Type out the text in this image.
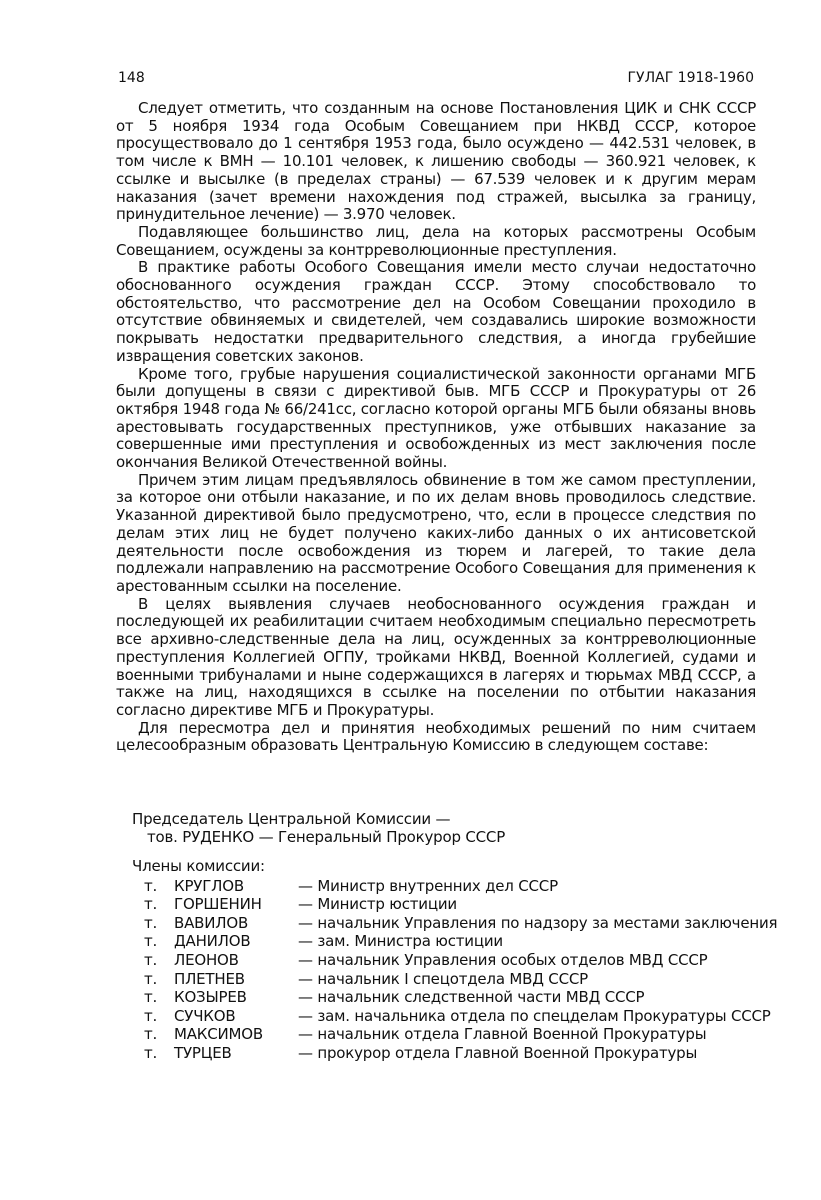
148	ГУЛАГ 1918-1960

Следует отметить, что созданным на основе Постановления ЦИК и СНК СССР от 5 ноября 1934 года Особым Совещанием при НКВД СССР, которое просуществовало до 1 сентября 1953 года, было осуждено — 442.531 человек, в том числе к ВМН — 10.101 человек, к лишению свободы — 360.921 человек, к ссылке и высылке (в пределах страны) — 67.539 человек и к другим мерам наказания (зачет времени нахождения под стражей, высылка за границу, принудительное лечение) — 3.970 человек.

Подавляющее большинство лиц, дела на которых рассмотрены Особым Совещанием, осуждены за контрреволюционные преступления.

В практике работы Особого Совещания имели место случаи недостаточно обоснованного осуждения граждан СССР. Этому способствовало то обстоятельство, что рассмотрение дел на Особом Совещании проходило в отсутствие обвиняемых и свидетелей, чем создавались широкие возможности покрывать недостатки предварительного следствия, а иногда грубейшие извращения советских законов.

Кроме того, грубые нарушения социалистической законности органами МГБ были допущены в связи с директивой быв. МГБ СССР и Прокуратуры от 26 октября 1948 года № 66/241сс, согласно которой органы МГБ были обязаны вновь арестовывать государственных преступников, уже отбывших наказание за совершенные ими преступления и освобожденных из мест заключения после окончания Великой Отечественной войны.

Причем этим лицам предъявлялось обвинение в том же самом преступлении, за которое они отбыли наказание, и по их делам вновь проводилось следствие. Указанной директивой было предусмотрено, что, если в процессе следствия по делам этих лиц не будет получено каких-либо данных о их антисоветской деятельности после освобождения из тюрем и лагерей, то такие дела подлежали направлению на рассмотрение Особого Совещания для применения к арестованным ссылки на поселение.

В целях выявления случаев необоснованного осуждения граждан и последующей их реабилитации считаем необходимым специально пересмотреть все архивно-следственные дела на лиц, осужденных за контрреволюционные преступления Коллегией ОГПУ, тройками НКВД, Военной Коллегией, судами и военными трибуналами и ныне содержащихся в лагерях и тюрьмах МВД СССР, а также на лиц, находящихся в ссылке на поселении по отбытии наказания согласно директиве МГБ и Прокуратуры.

Для пересмотра дел и принятия необходимых решений по ним считаем целесообразным образовать Центральную Комиссию в следующем составе:

Председатель Центральной Комиссии —
тов. РУДЕНКО — Генеральный Прокурор СССР
Члены комиссии:
т. КРУГЛОВ	— Министр внутренних дел СССР
т. ГОРШЕНИН — Министр юстиции
т. ВАВИЛОВ	— начальник Управления по надзору за местами заключения
т. ДАНИЛОВ	— зам. Министра юстиции
т. ЛЕОНОВ	— начальник Управления особых отделов МВД СССР
т. ПЛЕТНЕВ	— начальник I спецотдела МВД СССР
т. КОЗЫРЕВ	— начальник следственной части МВД СССР
т. СУЧКОВ	— зам. начальника отдела по спецделам Прокуратуры СССР
т. МАКСИМОВ — начальник отдела Главной Военной Прокуратуры
т. ТУРЦЕВ	— прокурор отдела Главной Военной Прокуратуры
